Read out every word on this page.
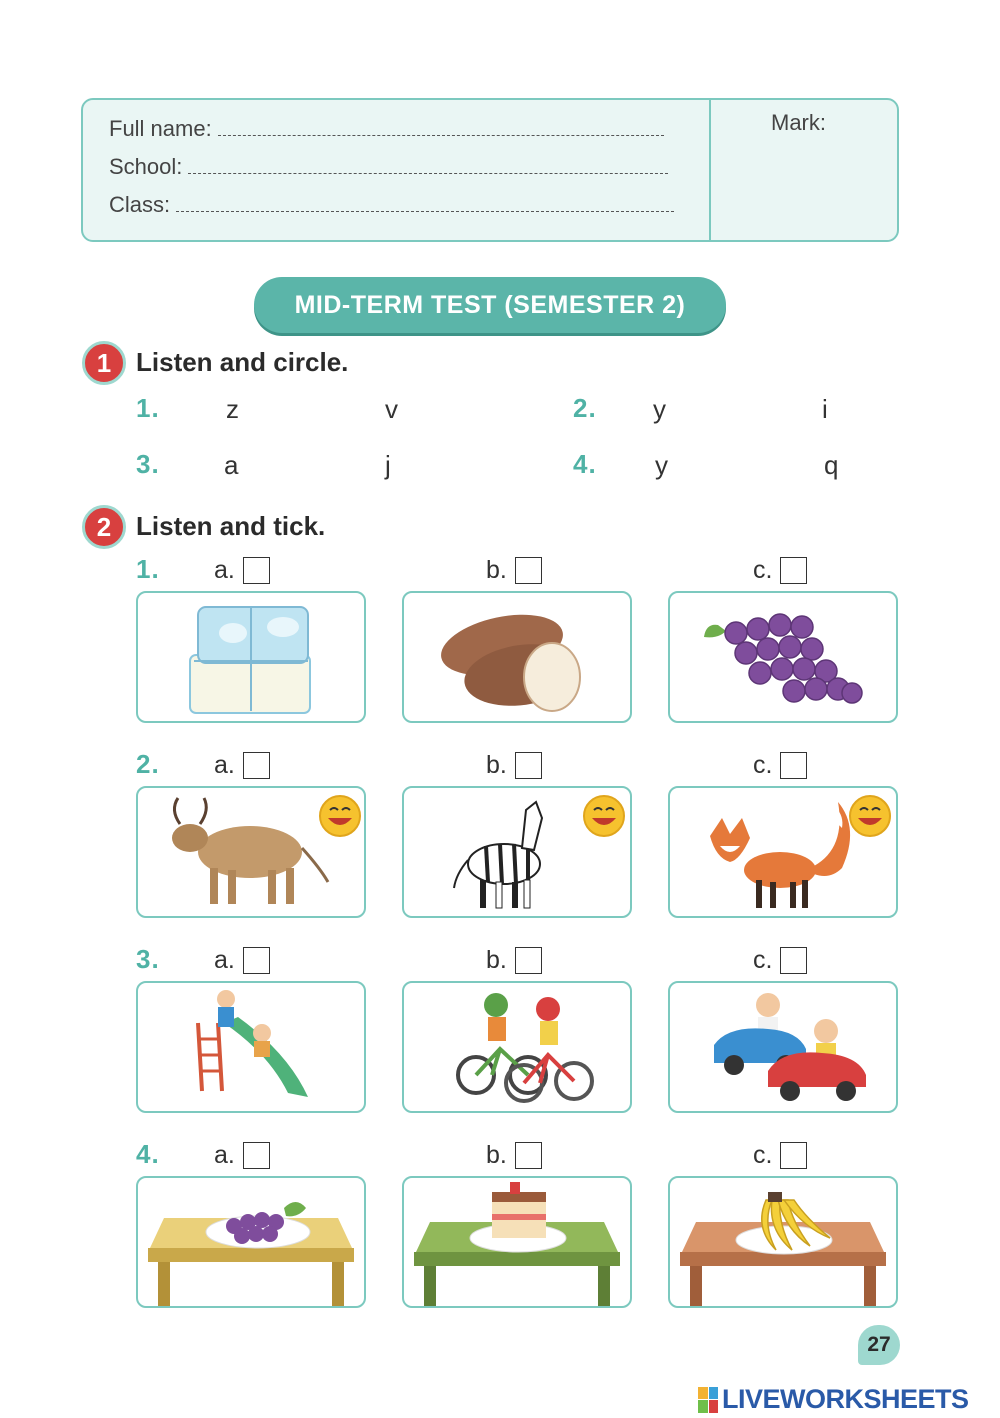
Full name:
School:
Class:
Mark:
MID-TERM TEST (SEMESTER 2)
1 Listen and circle.
1.	z	v	2. y	i
3. a	j	4. y	q
2 Listen and tick.
1. a.	b.	c.
2. a.	b.	c.
3. a.	b.	c.
4. a.	b.	c.
27
LIVEWORKSHEETS
